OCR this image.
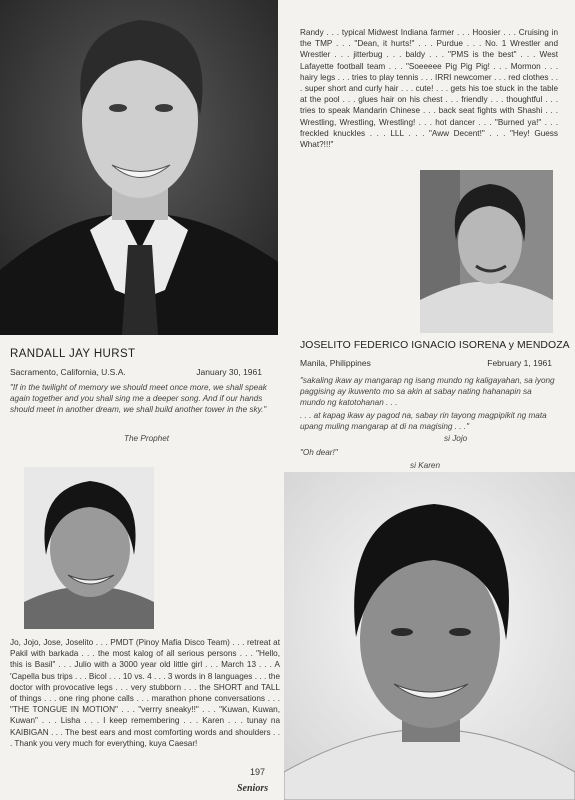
Randy . . . typical Midwest Indiana farmer . . . Hoosier . . . Cruising in the TMP . . . "Dean, it hurts!" . . . Purdue . . . No. 1 Wrestler and Wrestler . . . jitterbug . . . baldy . . . "PMS is the best" . . . West Lafayette football team . . . "Soeeeee Pig Pig Pig! . . . Mormon . . . hairy legs . . . tries to play tennis . . . IRRI newcomer . . . red clothes . . . super short and curly hair . . . cute! . . . gets his toe stuck in the table at the pool . . . glues hair on his chest . . . friendly . . . thoughtful . . . tries to speak Mandarin Chinese . . . back seat fights with Shashi . . . Wrestling, Wrestling, Wrestling! . . . hot dancer . . . "Burned ya!" . . . freckled knuckles . . . LLL . . . "Aww Decent!" . . . "Hey! Guess What?!!!"
RANDALL JAY HURST
Sacramento, California, U.S.A.	January 30, 1961
"If in the twilight of memory we should meet once more, we shall speak again together and you shall sing me a deeper song. And if our hands should meet in another dream, we shall build another tower in the sky."
The Prophet
JOSELITO FEDERICO IGNACIO ISORENA y MENDOZA
Manila, Philippines	February 1, 1961
"sakaling ikaw ay mangarap ng isang mundo ng kaligayahan, sa iyong paggising ay ikuwento mo sa akin at sabay nating hahanapin sa mundo ng katotohanan . . .
. . . at kapag ikaw ay pagod na, sabay rin tayong magpipikit ng mata upang muling mangarap at di na magising . . ."
si Jojo
"Oh dear!"
si Karen
Jo, Jojo, Jose, Joselito . . . PMDT (Pinoy Mafia Disco Team) . . . retreat at Pakil with barkada . . . the most kalog of all serious persons . . . "Hello, this is Basil" . . . Julio with a 3000 year old little girl . . . March 13 . . . A 'Capella bus trips . . . Bicol . . . 10 vs. 4 . . . 3 words in 8 languages . . . the doctor with provocative legs . . . very stubborn . . . the SHORT and TALL of things . . . one ring phone calls . . . marathon phone conversations . . . "THE TONGUE IN MOTION" . . . "verrry sneaky!!" . . . "Kuwan, Kuwan, Kuwan" . . . Lisha . . . I keep remembering . . . Karen . . . tunay na KAIBIGAN . . . The best ears and most comforting words and shoulders . . . Thank you very much for everything, kuya Caesar!
197
Seniors
